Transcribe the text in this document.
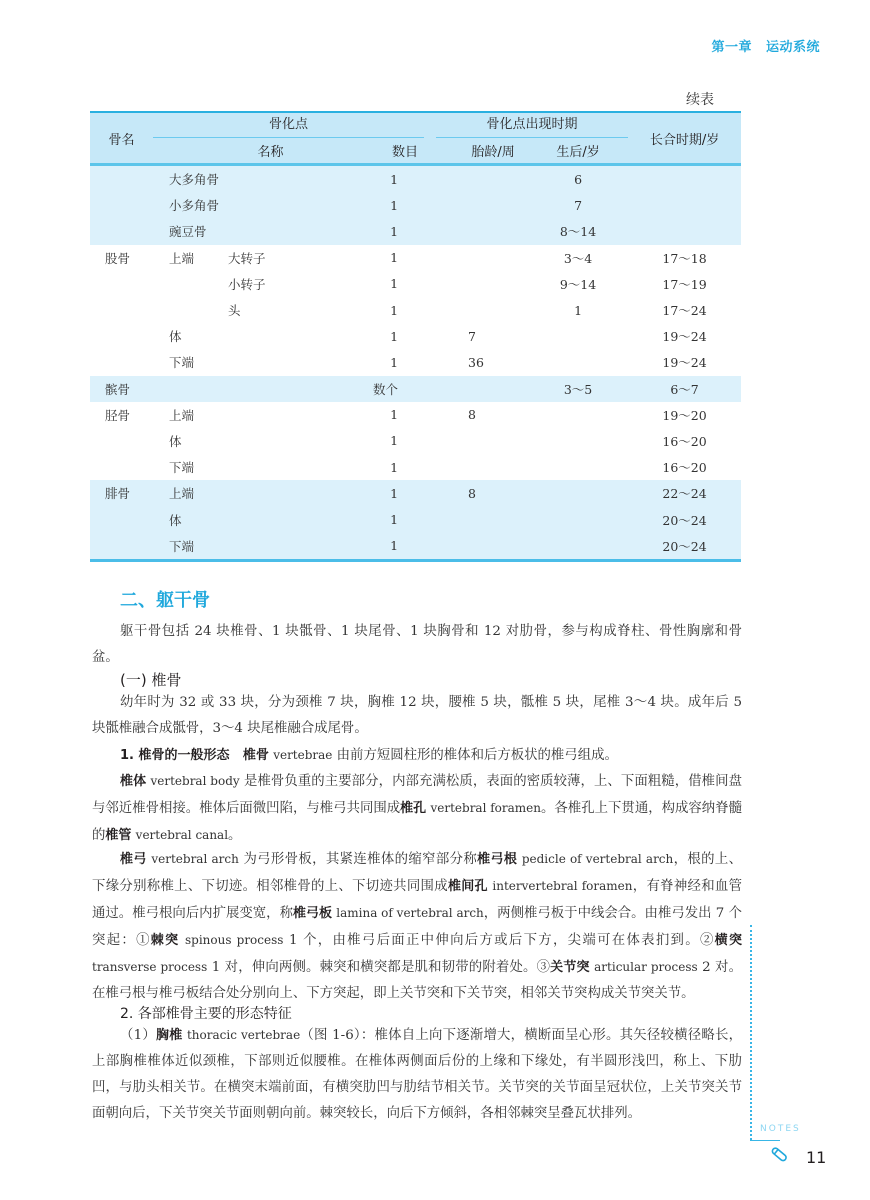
第一章 运动系统
续表
骨名	骨化点			骨化点出现时期		长合时期/岁
	名称		数目	胎龄/周	生后/岁	
	大多角骨		1		6	
	小多角骨		1		7	
	豌豆骨		1		8～14	
股骨	上端	大转子	1		3～4	17～18
		小转子	1		9～14	17～19
		头	1		1	17～24
	体		1	7		19～24
	下端		1	36		19～24
髌骨			数个		3～5	6～7
胫骨	上端		1	8		19～20
	体		1			16～20
	下端		1			16～20
腓骨	上端		1	8		22～24
	体		1			20～24
	下端		1			20～24
二、躯干骨

躯干骨包括 24 块椎骨、1 块骶骨、1 块尾骨、1 块胸骨和 12 对肋骨，参与构成脊柱、骨性胸廓和骨盆。

(一) 椎骨

幼年时为 32 或 33 块，分为颈椎 7 块，胸椎 12 块，腰椎 5 块，骶椎 5 块，尾椎 3～4 块。成年后 5 块骶椎融合成骶骨，3～4 块尾椎融合成尾骨。

1. 椎骨的一般形态　 椎骨 vertebrae 由前方短圆柱形的椎体和后方板状的椎弓组成。

椎体 vertebral body 是椎骨负重的主要部分，内部充满松质，表面的密质较薄，上、下面粗糙，借椎间盘与邻近椎骨相接。椎体后面微凹陷，与椎弓共同围成椎孔 vertebral foramen。各椎孔上下贯通，构成容纳脊髓的椎管 vertebral canal。

椎弓 vertebral arch 为弓形骨板，其紧连椎体的缩窄部分称椎弓根 pedicle of vertebral arch，根的上、下缘分别称椎上、下切迹。相邻椎骨的上、下切迹共同围成椎间孔 intervertebral foramen，有脊神经和血管通过。椎弓根向后内扩展变宽，称椎弓板 lamina of vertebral arch，两侧椎弓板于中线会合。由椎弓发出 7 个突起：①棘突 spinous process 1 个，由椎弓后面正中伸向后方或后下方，尖端可在体表扪到。②横突 transverse process 1 对，伸向两侧。棘突和横突都是肌和韧带的附着处。③关节突 articular process 2 对。在椎弓根与椎弓板结合处分别向上、下方突起，即上关节突和下关节突，相邻关节突构成关节突关节。

2. 各部椎骨主要的形态特征

（1）胸椎 thoracic vertebrae（图 1-6）：椎体自上向下逐渐增大，横断面呈心形。其矢径较横径略长，上部胸椎椎体近似颈椎，下部则近似腰椎。在椎体两侧面后份的上缘和下缘处，有半圆形浅凹，称上、下肋凹，与肋头相关节。在横突末端前面，有横突肋凹与肋结节相关节。关节突的关节面呈冠状位，上关节突关节面朝向后，下关节突关节面则朝向前。棘突较长，向后下方倾斜，各相邻棘突呈叠瓦状排列。

NOTES
11
